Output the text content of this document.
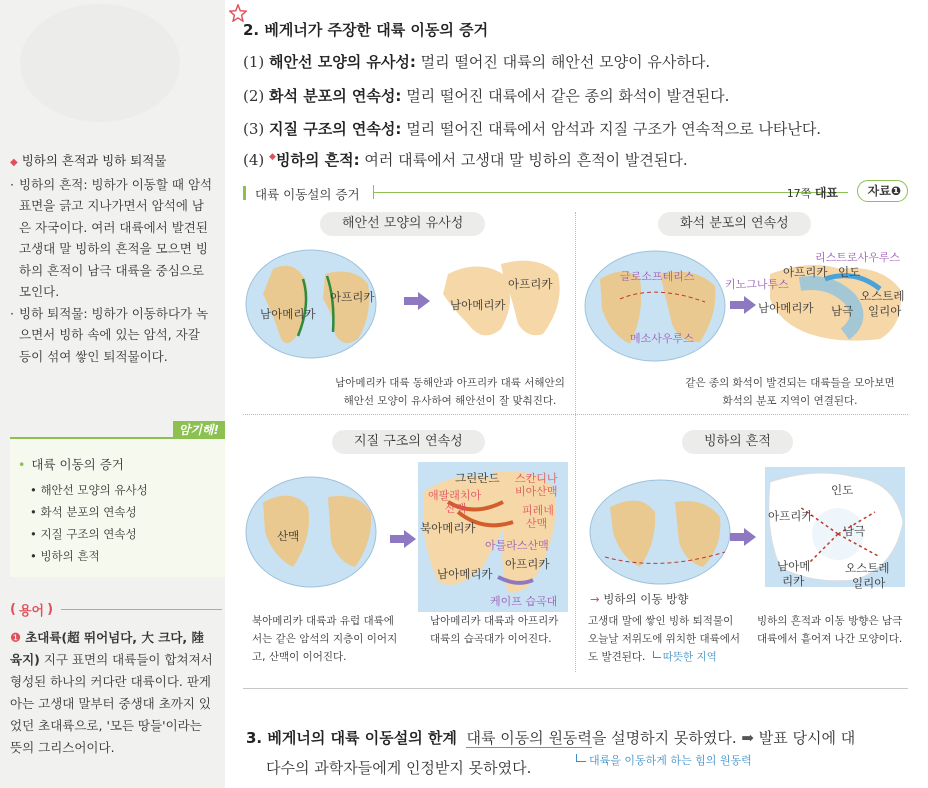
◆ 빙하의 흔적과 빙하 퇴적물
· 빙하의 흔적: 빙하가 이동할 때 암석 표면을 긁고 지나가면서 암석에 남은 자국이다. 여러 대륙에서 발견된 고생대 말 빙하의 흔적을 모으면 빙하의 흔적이 남극 대륙을 중심으로 모인다.
· 빙하 퇴적물: 빙하가 이동하다가 녹으면서 빙하 속에 있는 암석, 자갈 등이 섞여 쌓인 퇴적물이다.
암기해!
• 대륙 이동의 증거
• 해안선 모양의 유사성
• 화석 분포의 연속성
• 지질 구조의 연속성
• 빙하의 흔적
( 용어 )
❶ 초대륙(超 뛰어넘다, 大 크다, 陸 육지) 지구 표면의 대륙들이 합쳐져서 형성된 하나의 커다란 대륙이다. 판게아는 고생대 말부터 중생대 초까지 있었던 초대륙으로, '모든 땅들'이라는 뜻의 그리스어이다.
2. 베게너가 주장한 대륙 이동의 증거
(1) 해안선 모양의 유사성: 멀리 떨어진 대륙의 해안선 모양이 유사하다.
(2) 화석 분포의 연속성: 멀리 떨어진 대륙에서 같은 종의 화석이 발견된다.
(3) 지질 구조의 연속성: 멀리 떨어진 대륙에서 암석과 지질 구조가 연속적으로 나타난다.
(4) ◆빙하의 흔적: 여러 대륙에서 고생대 말 빙하의 흔적이 발견된다.
대륙 이동설의 증거	17쪽 대표	자료❶
해안선 모양의 유사성
남아메리카
아프리카
남아메리카
아프리카
남아메리카 대륙 동해안과 아프리카 대륙 서해안의
해안선 모양이 유사하여 해안선이 잘 맞춰진다.
화석 분포의 연속성
글로소프테리스
메소사우루스
리스트로사우루스
키노그나투스
아프리카 인도
오스트레
일리아
남아메리카 남극
같은 종의 화석이 발견되는 대륙들을 모아보면
화석의 분포 지역이 연결된다.
지질 구조의 연속성
산맥
그린란드 스칸디나
비아산맥
애팔래치아
산맥	피레네
산맥
북아메리카
아틀라스산맥
아프리카
남아메리카
케이프 습곡대
북아메리카 대륙과 유럽 대륙에
서는 같은 암석의 지층이 이어지
고, 산맥이 이어진다.
남아메리카 대륙과 아프리카
대륙의 습곡대가 이어진다.
빙하의 흔적
인도
아프리카
남극
남아메
리카
오스트레
일리아
→ 빙하의 이동 방향
고생대 말에 쌓인 빙하 퇴적물이
오늘날 저위도에 위치한 대륙에서
도 발견된다. 따뜻한 지역
빙하의 흔적과 이동 방향은 남극
대륙에서 흩어져 나간 모양이다.
3. 베게너의 대륙 이동설의 한계 대륙 이동의 원동력을 설명하지 못하였다. ➡ 발표 당시에 대
다수의 과학자들에게 인정받지 못하였다.	대륙을 이동하게 하는 힘의 원동력
